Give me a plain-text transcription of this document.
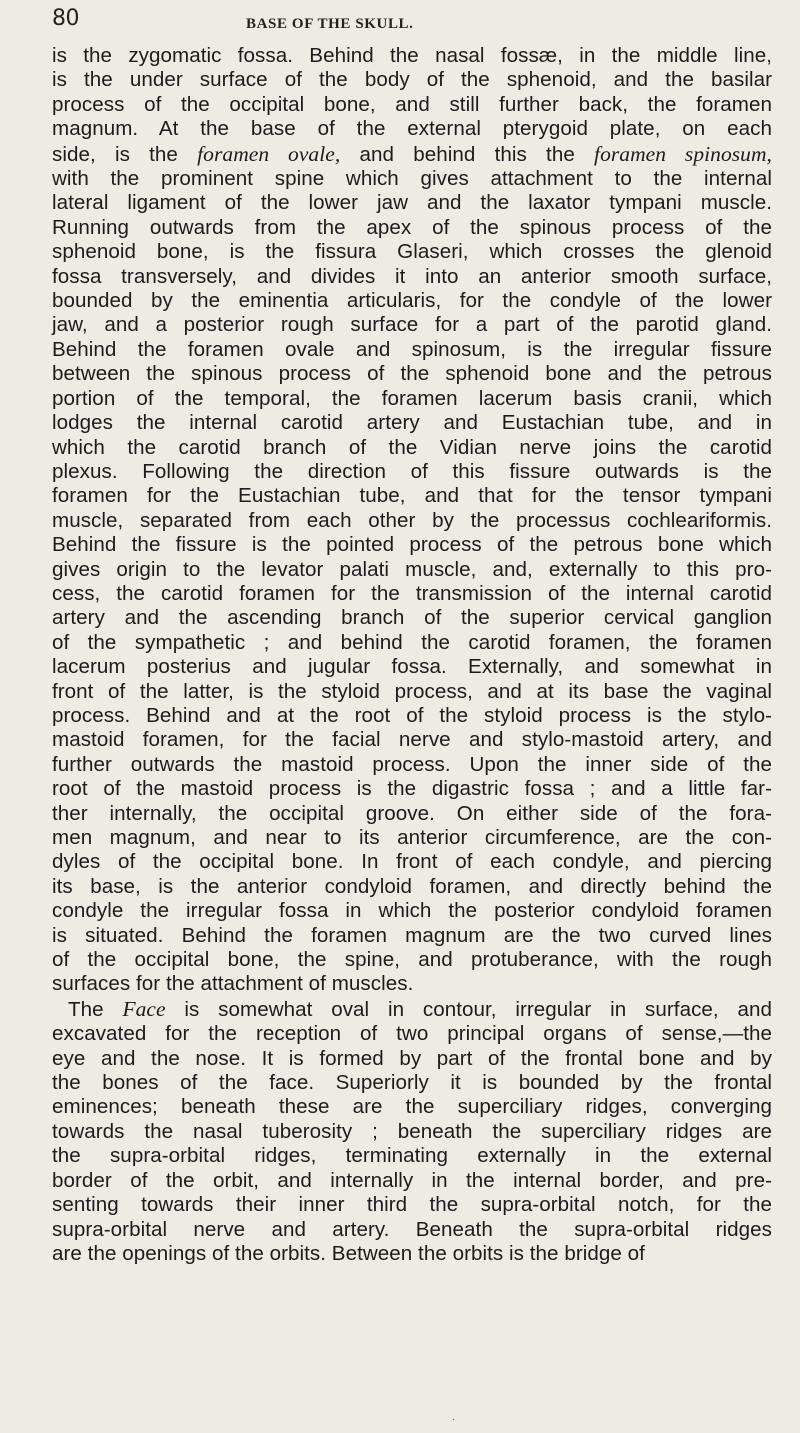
80	BASE OF THE SKULL.

is the zygomatic fossa. Behind the nasal fossæ, in the middle line,
is the under surface of the body of the sphenoid, and the basilar
process of the occipital bone, and still further back, the foramen
magnum. At the base of the external pterygoid plate, on each
side, is the foramen ovale, and behind this the foramen spinosum,
with the prominent spine which gives attachment to the internal
lateral ligament of the lower jaw and the laxator tympani muscle.
Running outwards from the apex of the spinous process of the
sphenoid bone, is the fissura Glaseri, which crosses the glenoid
fossa transversely, and divides it into an anterior smooth surface,
bounded by the eminentia articularis, for the condyle of the lower
jaw, and a posterior rough surface for a part of the parotid gland.
Behind the foramen ovale and spinosum, is the irregular fissure
between the spinous process of the sphenoid bone and the petrous
portion of the temporal, the foramen lacerum basis cranii, which
lodges the internal carotid artery and Eustachian tube, and in
which the carotid branch of the Vidian nerve joins the carotid
plexus. Following the direction of this fissure outwards is the
foramen for the Eustachian tube, and that for the tensor tympani
muscle, separated from each other by the processus cochleariformis.
Behind the fissure is the pointed process of the petrous bone which
gives origin to the levator palati muscle, and, externally to this pro-
cess, the carotid foramen for the transmission of the internal carotid
artery and the ascending branch of the superior cervical ganglion
of the sympathetic ; and behind the carotid foramen, the foramen
lacerum posterius and jugular fossa. Externally, and somewhat in
front of the latter, is the styloid process, and at its base the vaginal
process. Behind and at the root of the styloid process is the stylo-
mastoid foramen, for the facial nerve and stylo-mastoid artery, and
further outwards the mastoid process. Upon the inner side of the
root of the mastoid process is the digastric fossa ; and a little far-
ther internally, the occipital groove. On either side of the fora-
men magnum, and near to its anterior circumference, are the con-
dyles of the occipital bone. In front of each condyle, and piercing
its base, is the anterior condyloid foramen, and directly behind the
condyle the irregular fossa in which the posterior condyloid foramen
is situated. Behind the foramen magnum are the two curved lines
of the occipital bone, the spine, and protuberance, with the rough
surfaces for the attachment of muscles.

The Face is somewhat oval in contour, irregular in surface, and
excavated for the reception of two principal organs of sense,—the
eye and the nose. It is formed by part of the frontal bone and by
the bones of the face. Superiorly it is bounded by the frontal
eminences; beneath these are the superciliary ridges, converging
towards the nasal tuberosity ; beneath the superciliary ridges are
the supra-orbital ridges, terminating externally in the external
border of the orbit, and internally in the internal border, and pre-
senting towards their inner third the supra-orbital notch, for the
supra-orbital nerve and artery. Beneath the supra-orbital ridges
are the openings of the orbits. Between the orbits is the bridge of

·
